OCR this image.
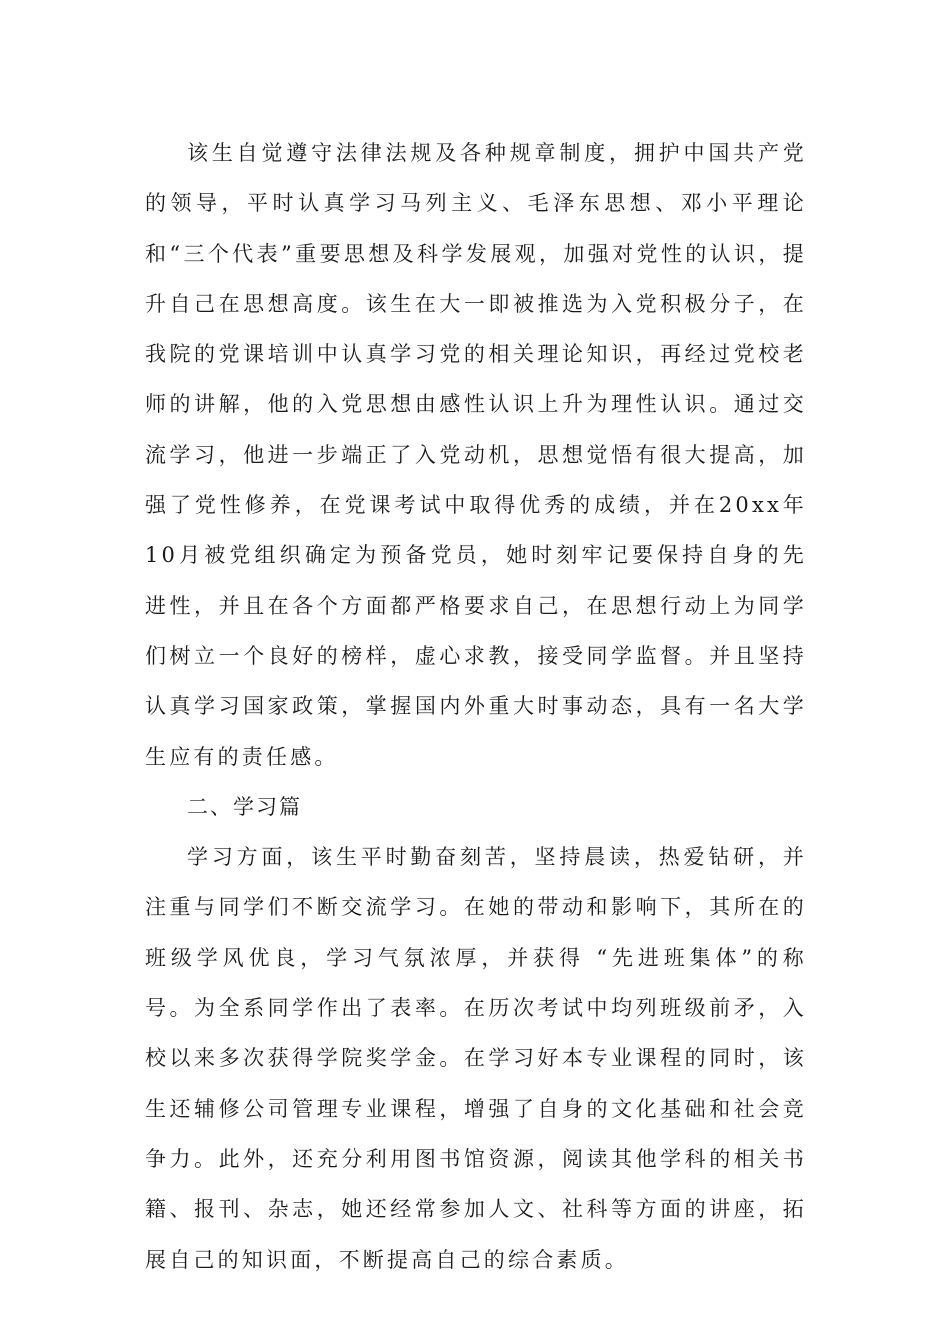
该生自觉遵守法律法规及各种规章制度，拥护中国共产党的领导，平时认真学习马列主义、毛泽东思想、邓小平理论和“三个代表”重要思想及科学发展观，加强对党性的认识，提升自己在思想高度。该生在大一即被推选为入党积极分子，在我院的党课培训中认真学习党的相关理论知识，再经过党校老师的讲解，他的入党思想由感性认识上升为理性认识。通过交流学习，他进一步端正了入党动机，思想觉悟有很大提高，加强了党性修养，在党课考试中取得优秀的成绩，并在20xx年10月被党组织确定为预备党员，她时刻牢记要保持自身的先进性，并且在各个方面都严格要求自己，在思想行动上为同学们树立一个良好的榜样，虚心求教，接受同学监督。并且坚持认真学习国家政策，掌握国内外重大时事动态，具有一名大学生应有的责任感。

二、学习篇

学习方面，该生平时勤奋刻苦，坚持晨读，热爱钻研，并注重与同学们不断交流学习。在她的带动和影响下，其所在的班级学风优良，学习气氛浓厚，并获得 “先进班集体”的称号。为全系同学作出了表率。在历次考试中均列班级前矛，入校以来多次获得学院奖学金。在学习好本专业课程的同时，该生还辅修公司管理专业课程，增强了自身的文化基础和社会竞争力。此外，还充分利用图书馆资源，阅读其他学科的相关书籍、报刊、杂志，她还经常参加人文、社科等方面的讲座，拓展自己的知识面，不断提高自己的综合素质。
